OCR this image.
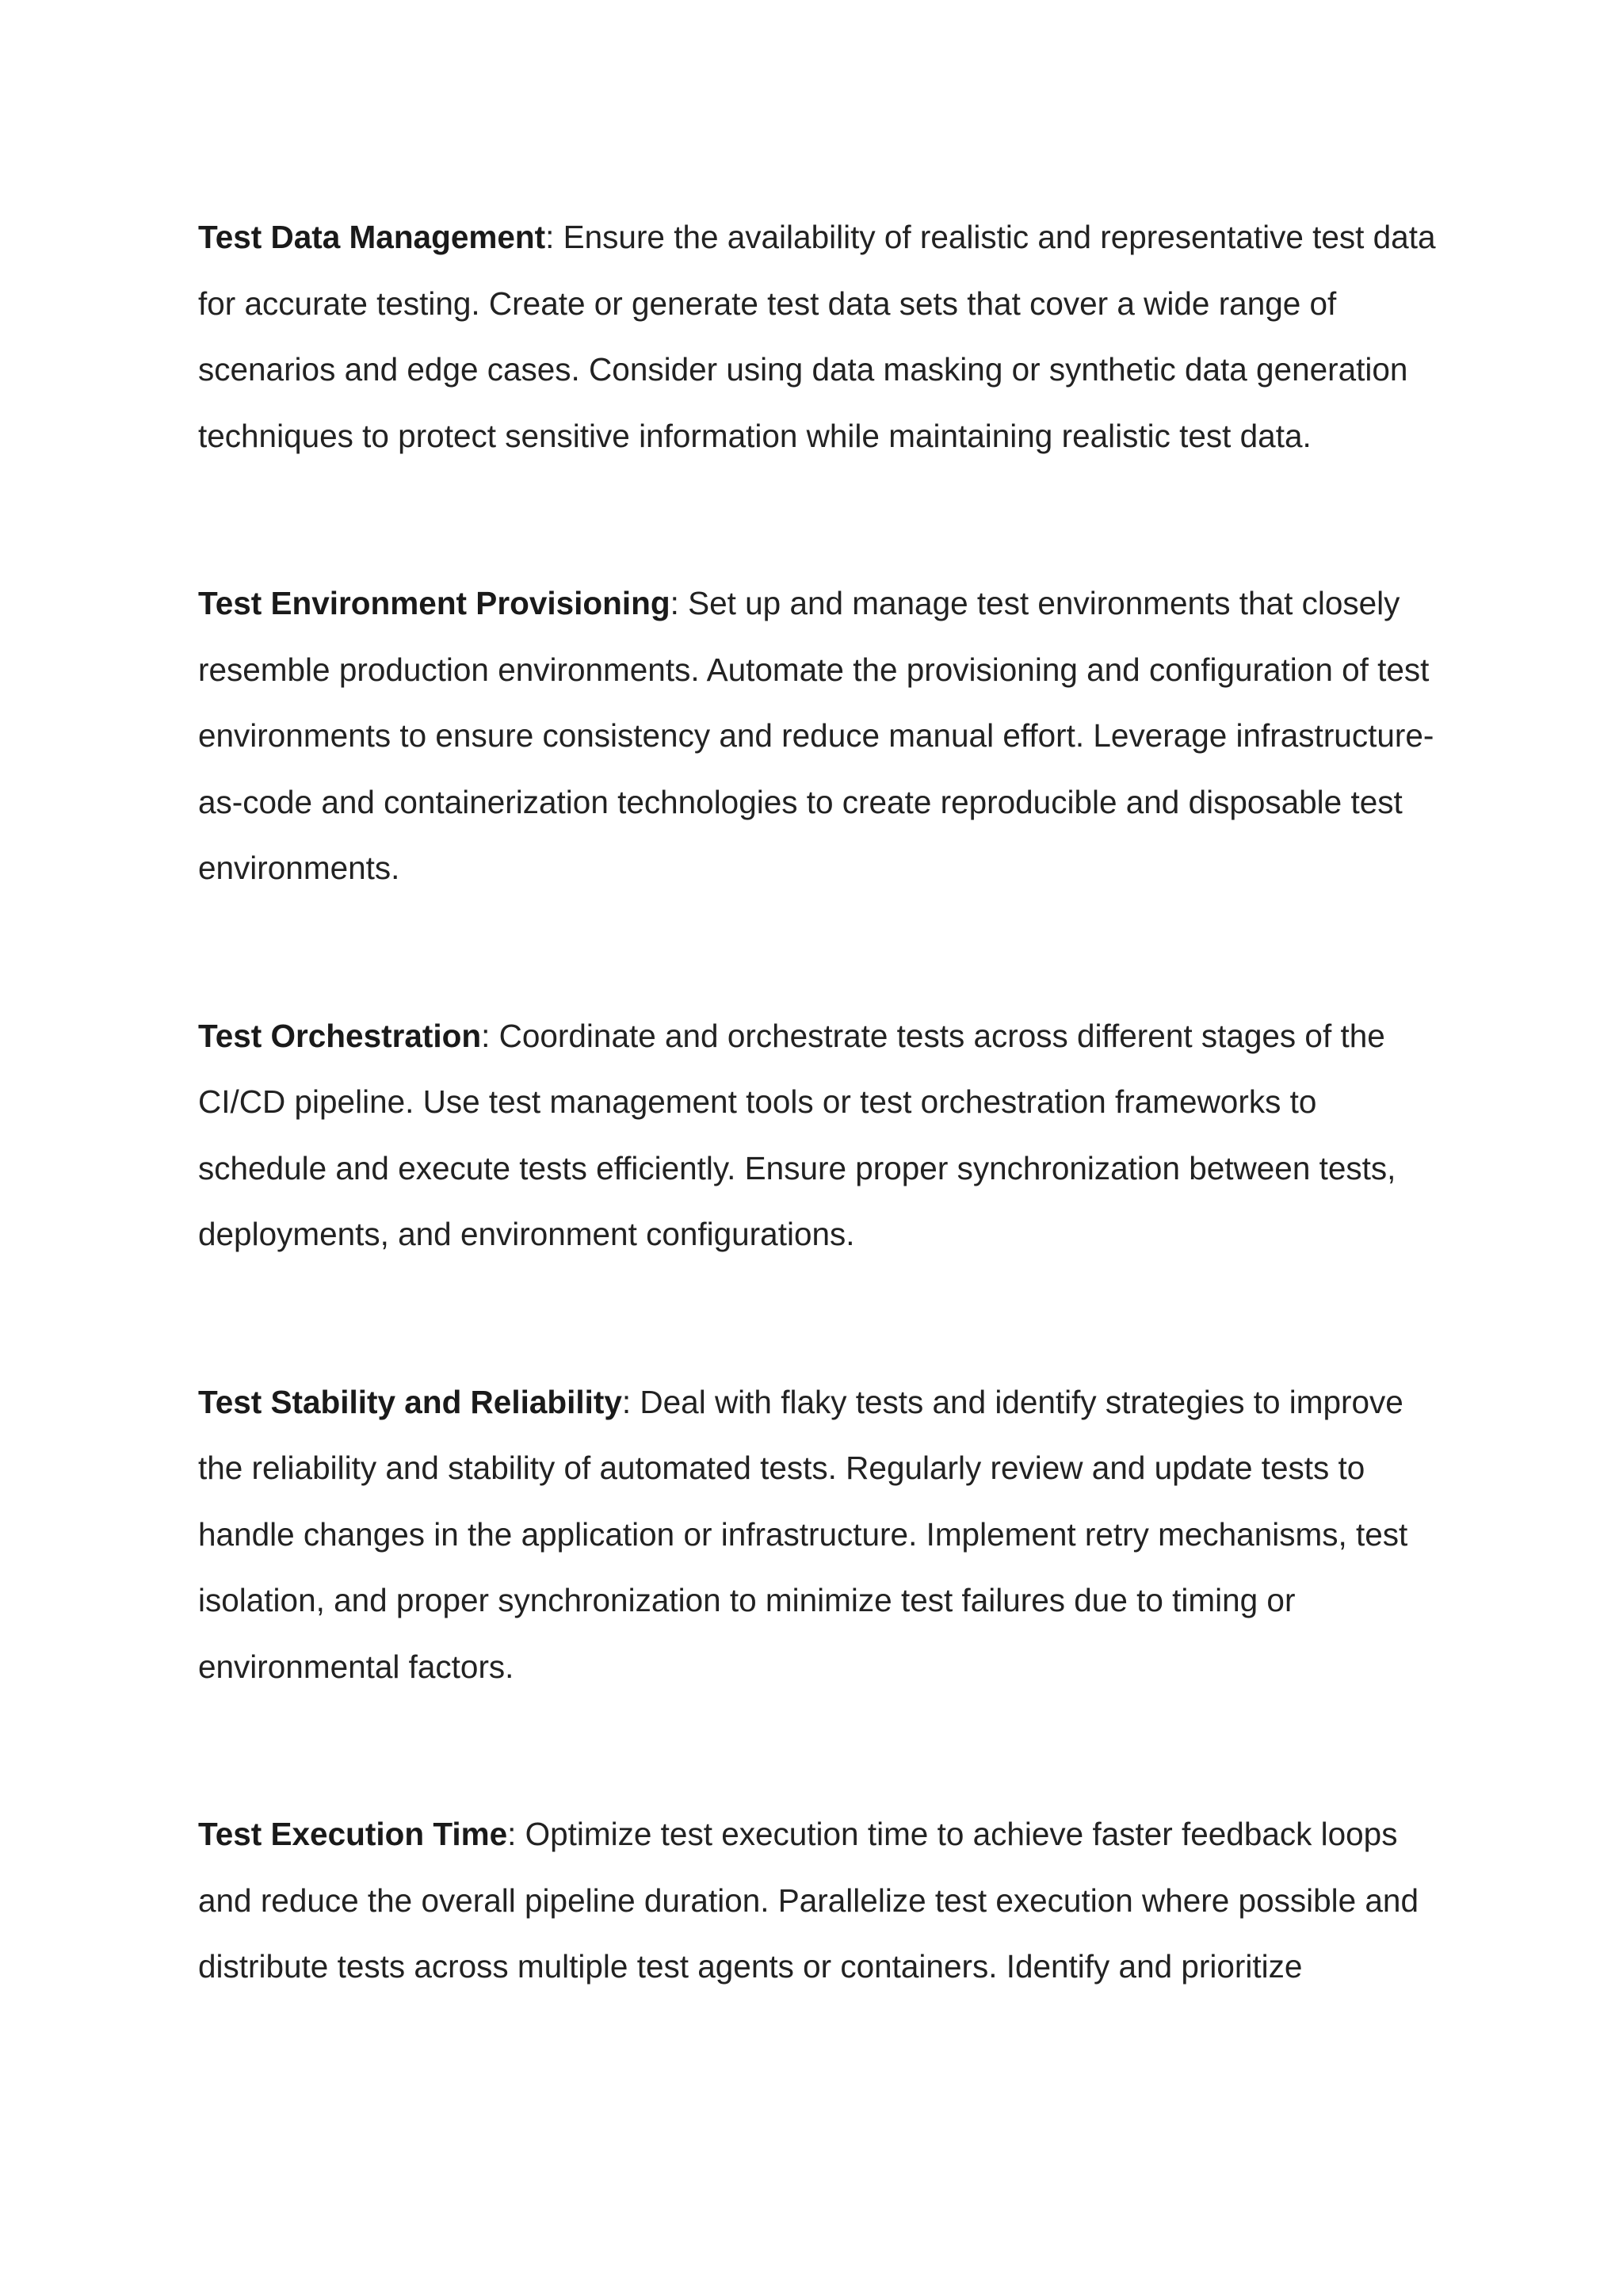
Test Data Management: Ensure the availability of realistic and representative test data for accurate testing. Create or generate test data sets that cover a wide range of scenarios and edge cases. Consider using data masking or synthetic data generation techniques to protect sensitive information while maintaining realistic test data.

Test Environment Provisioning: Set up and manage test environments that closely resemble production environments. Automate the provisioning and configuration of test environments to ensure consistency and reduce manual effort. Leverage infrastructure-as-code and containerization technologies to create reproducible and disposable test environments.

Test Orchestration: Coordinate and orchestrate tests across different stages of the CI/CD pipeline. Use test management tools or test orchestration frameworks to schedule and execute tests efficiently. Ensure proper synchronization between tests, deployments, and environment configurations.

Test Stability and Reliability: Deal with flaky tests and identify strategies to improve the reliability and stability of automated tests. Regularly review and update tests to handle changes in the application or infrastructure. Implement retry mechanisms, test isolation, and proper synchronization to minimize test failures due to timing or environmental factors.

Test Execution Time: Optimize test execution time to achieve faster feedback loops and reduce the overall pipeline duration. Parallelize test execution where possible and distribute tests across multiple test agents or containers. Identify and prioritize
